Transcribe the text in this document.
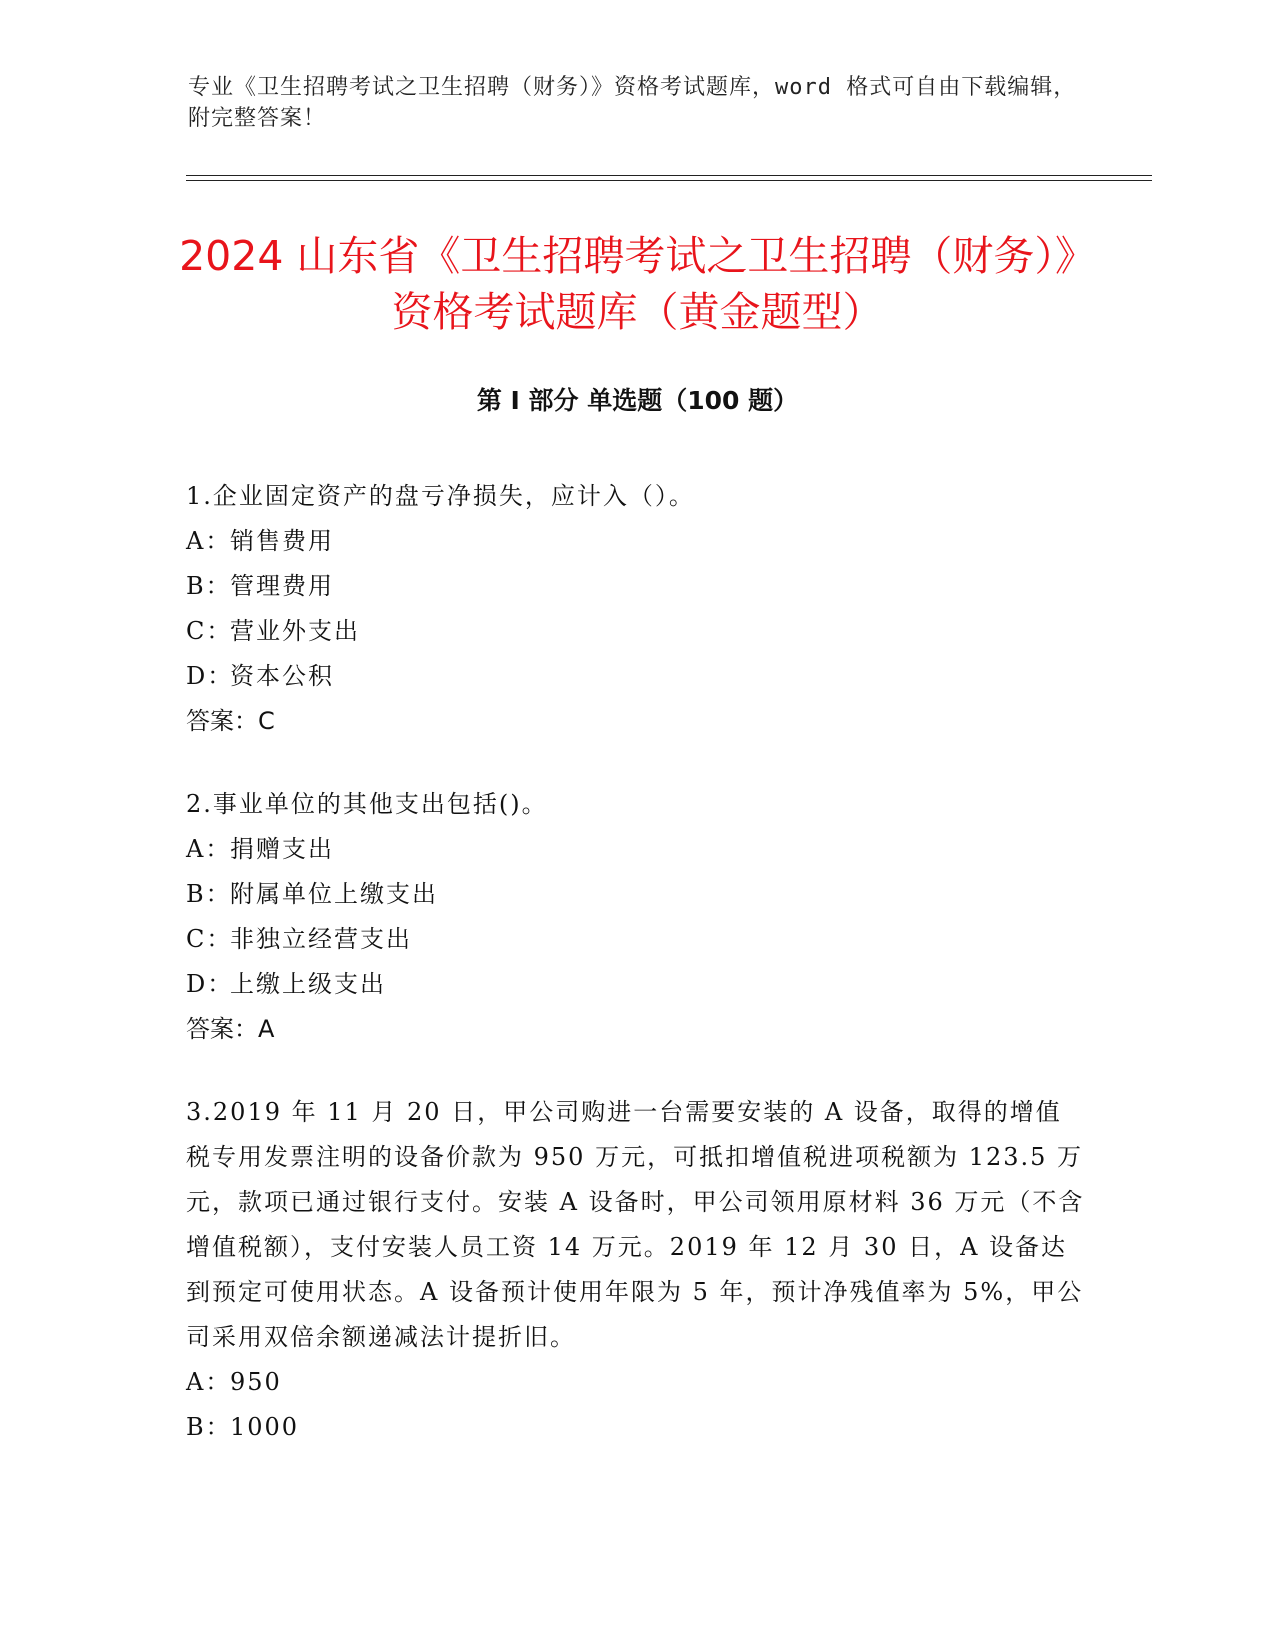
专业《卫生招聘考试之卫生招聘（财务）》资格考试题库，word 格式可自由下载编辑，附完整答案！
2024 山东省《卫生招聘考试之卫生招聘（财务）》资格考试题库（黄金题型）
第 I 部分 单选题（100 题）

1.企业固定资产的盘亏净损失，应计入（）。

A：销售费用
B：管理费用
C：营业外支出
D：资本公积

答案：C

2.事业单位的其他支出包括()。

A：捐赠支出
B：附属单位上缴支出
C：非独立经营支出
D：上缴上级支出

答案：A

3.2019 年 11 月 20 日，甲公司购进一台需要安装的 A 设备，取得的增值税专用发票注明的设备价款为 950 万元，可抵扣增值税进项税额为 123.5 万元，款项已通过银行支付。安装 A 设备时，甲公司领用原材料 36 万元（不含增值税额），支付安装人员工资 14 万元。2019 年 12 月 30 日，A 设备达到预定可使用状态。A 设备预计使用年限为 5 年，预计净残值率为 5%，甲公司采用双倍余额递减法计提折旧。

A：950
B：1000
